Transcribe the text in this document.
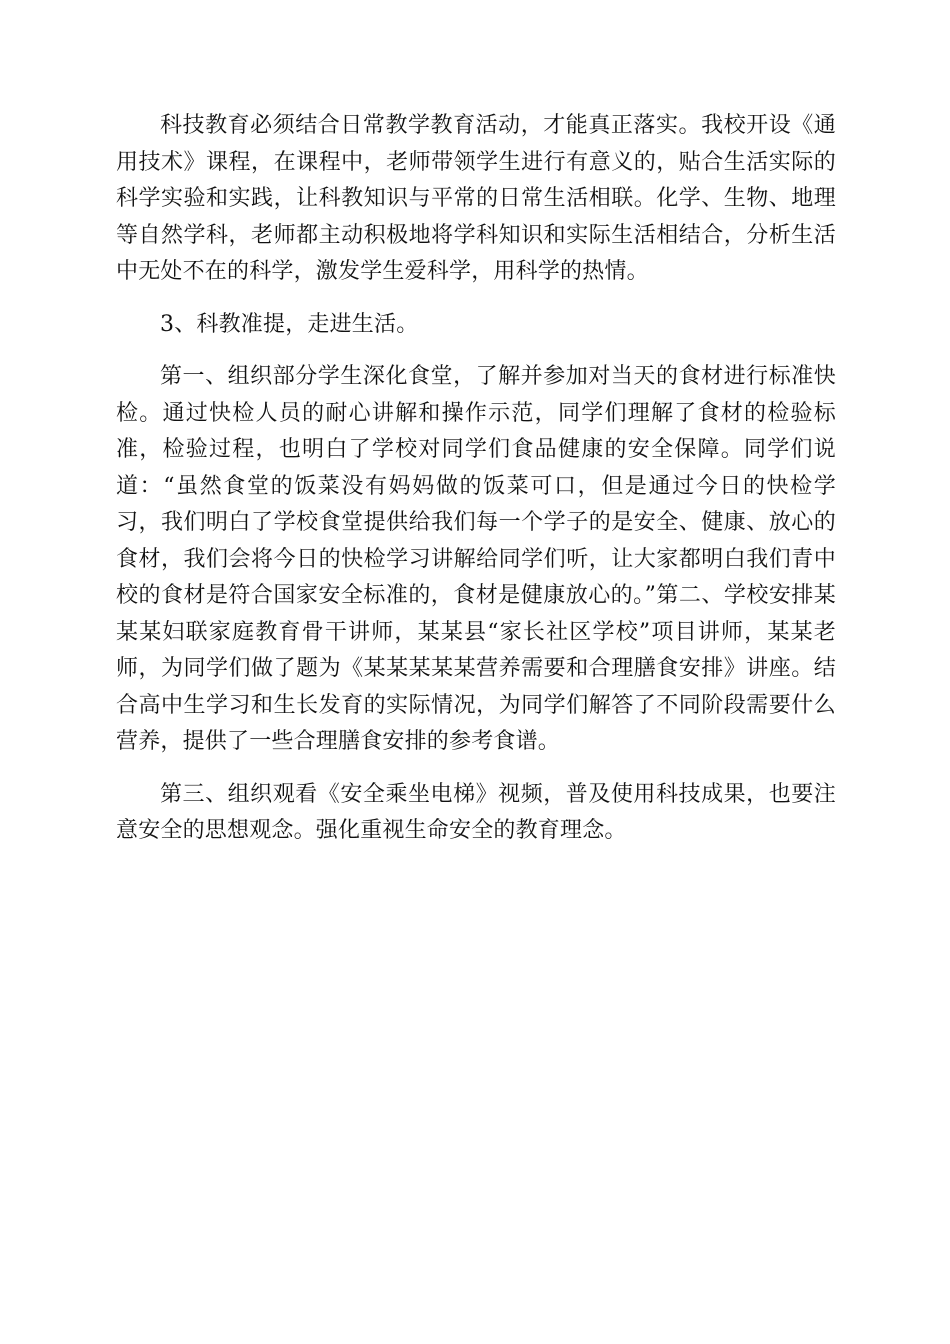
科技教育必须结合日常教学教育活动，才能真正落实。我校开设《通用技术》课程，在课程中，老师带领学生进行有意义的，贴合生活实际的科学实验和实践，让科教知识与平常的日常生活相联。化学、生物、地理等自然学科，老师都主动积极地将学科知识和实际生活相结合，分析生活中无处不在的科学，激发学生爱科学，用科学的热情。

3、科教准提，走进生活。

第一、组织部分学生深化食堂，了解并参加对当天的食材进行标准快检。通过快检人员的耐心讲解和操作示范，同学们理解了食材的检验标准，检验过程，也明白了学校对同学们食品健康的安全保障。同学们说道：“虽然食堂的饭菜没有妈妈做的饭菜可口，但是通过今日的快检学习，我们明白了学校食堂提供给我们每一个学子的是安全、健康、放心的食材，我们会将今日的快检学习讲解给同学们听，让大家都明白我们青中校的食材是符合国家安全标准的，食材是健康放心的。”第二、学校安排某某某妇联家庭教育骨干讲师，某某县“家长社区学校”项目讲师，某某老师，为同学们做了题为《某某某某某营养需要和合理膳食安排》讲座。结合高中生学习和生长发育的实际情况，为同学们解答了不同阶段需要什么营养，提供了一些合理膳食安排的参考食谱。

第三、组织观看《安全乘坐电梯》视频，普及使用科技成果，也要注意安全的思想观念。强化重视生命安全的教育理念。
